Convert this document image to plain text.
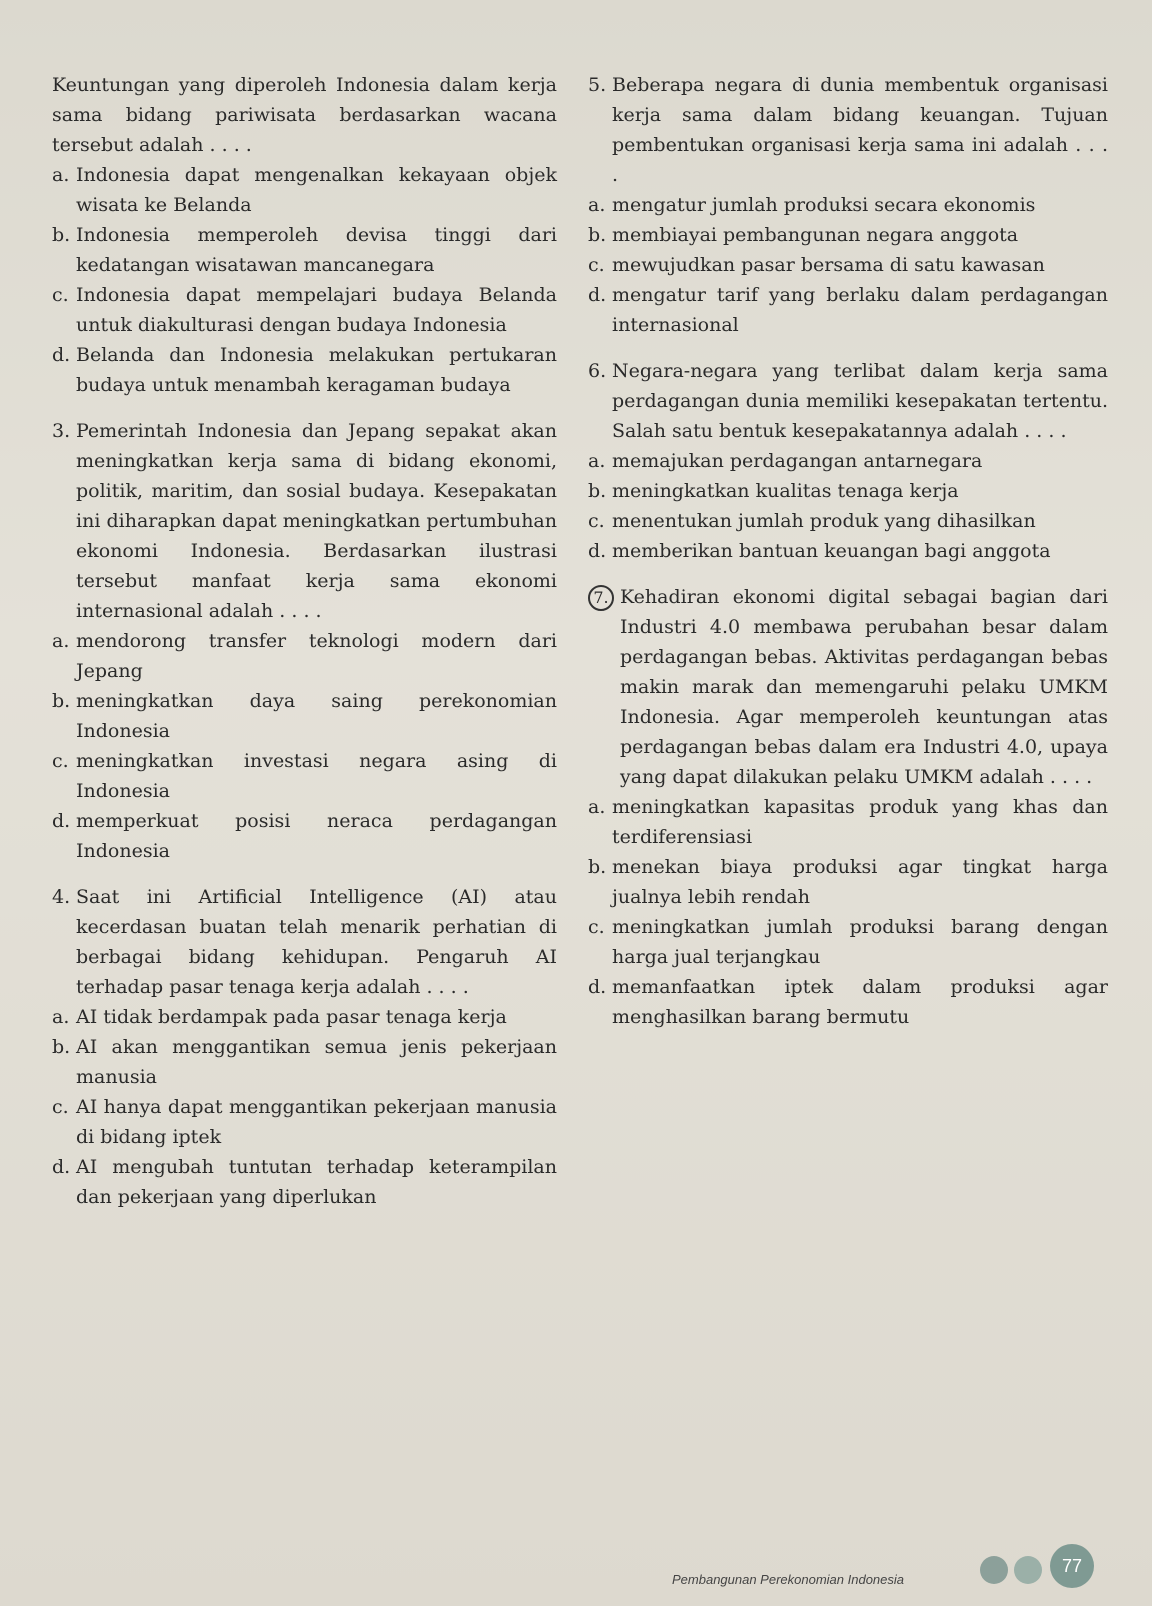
Keuntungan yang diperoleh Indonesia dalam kerja sama bidang pariwisata berdasarkan wacana tersebut adalah . . . .
a. Indonesia dapat mengenalkan kekayaan objek wisata ke Belanda
b. Indonesia memperoleh devisa tinggi dari kedatangan wisatawan mancanegara
c. Indonesia dapat mempelajari budaya Belanda untuk diakulturasi dengan budaya Indonesia
d. Belanda dan Indonesia melakukan pertukaran budaya untuk menambah keragaman budaya
3. Pemerintah Indonesia dan Jepang sepakat akan meningkatkan kerja sama di bidang ekonomi, politik, maritim, dan sosial budaya. Kesepakatan ini diharapkan dapat meningkatkan pertumbuhan ekonomi Indonesia. Berdasarkan ilustrasi tersebut manfaat kerja sama ekonomi internasional adalah . . . .
a. mendorong transfer teknologi modern dari Jepang
b. meningkatkan daya saing perekonomian Indonesia
c. meningkatkan investasi negara asing di Indonesia
d. memperkuat posisi neraca perdagangan Indonesia
4. Saat ini Artificial Intelligence (AI) atau kecerdasan buatan telah menarik perhatian di berbagai bidang kehidupan. Pengaruh AI terhadap pasar tenaga kerja adalah . . . .
a. AI tidak berdampak pada pasar tenaga kerja
b. AI akan menggantikan semua jenis pekerjaan manusia
c. AI hanya dapat menggantikan pekerjaan manusia di bidang iptek
d. AI mengubah tuntutan terhadap keterampilan dan pekerjaan yang diperlukan
5. Beberapa negara di dunia membentuk organisasi kerja sama dalam bidang keuangan. Tujuan pembentukan organisasi kerja sama ini adalah . . . .
a. mengatur jumlah produksi secara ekonomis
b. membiayai pembangunan negara anggota
c. mewujudkan pasar bersama di satu kawasan
d. mengatur tarif yang berlaku dalam perdagangan internasional
6. Negara-negara yang terlibat dalam kerja sama perdagangan dunia memiliki kesepakatan tertentu. Salah satu bentuk kesepakatannya adalah . . . .
a. memajukan perdagangan antarnegara
b. meningkatkan kualitas tenaga kerja
c. menentukan jumlah produk yang dihasilkan
d. memberikan bantuan keuangan bagi anggota
7. Kehadiran ekonomi digital sebagai bagian dari Industri 4.0 membawa perubahan besar dalam perdagangan bebas. Aktivitas perdagangan bebas makin marak dan memengaruhi pelaku UMKM Indonesia. Agar memperoleh keuntungan atas perdagangan bebas dalam era Industri 4.0, upaya yang dapat dilakukan pelaku UMKM adalah . . . .
a. meningkatkan kapasitas produk yang khas dan terdiferensiasi
b. menekan biaya produksi agar tingkat harga jualnya lebih rendah
c. meningkatkan jumlah produksi barang dengan harga jual terjangkau
d. memanfaatkan iptek dalam produksi agar menghasilkan barang bermutu
Pembangunan Perekonomian Indonesia
77
